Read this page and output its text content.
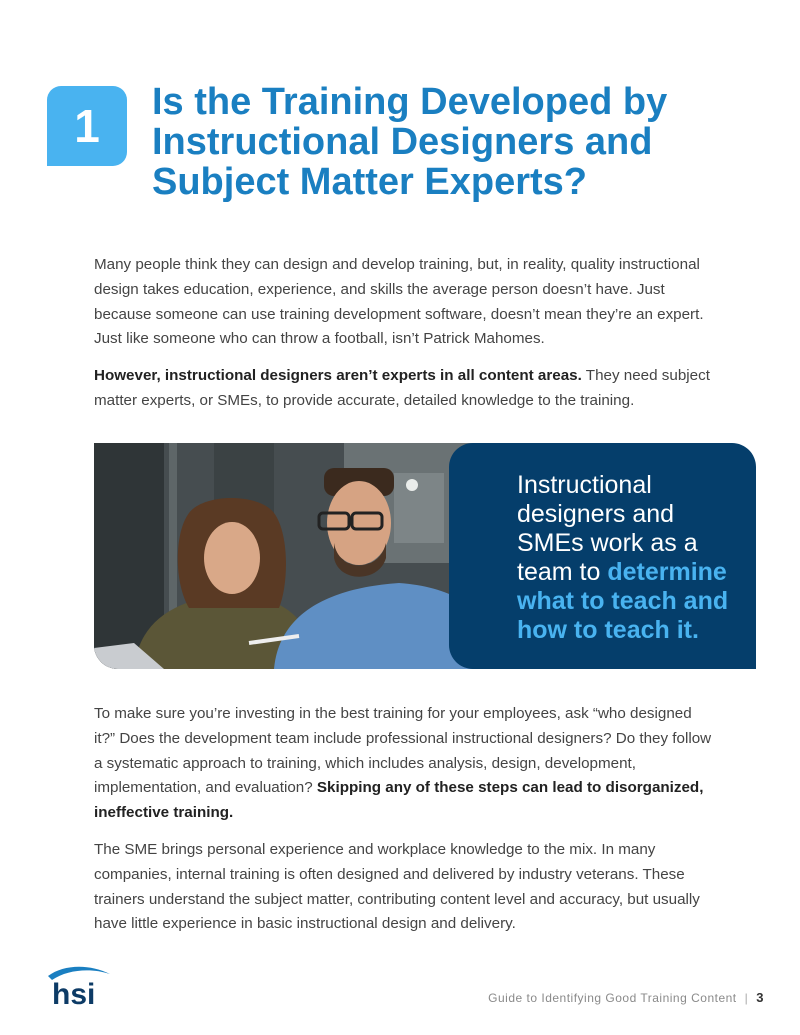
1	Is the Training Developed by Instructional Designers and Subject Matter Experts?

Many people think they can design and develop training, but, in reality, quality instructional design takes education, experience, and skills the average person doesn’t have. Just because someone can use training development software, doesn’t mean they’re an expert. Just like someone who can throw a football, isn’t Patrick Mahomes.

However, instructional designers aren’t experts in all content areas. They need subject matter experts, or SMEs, to provide accurate, detailed knowledge to the training.

Instructional designers and SMEs work as a team to determine what to teach and how to teach it.

To make sure you’re investing in the best training for your employees, ask “who designed it?” Does the development team include professional instructional designers? Do they follow a systematic approach to training, which includes analysis, design, development, implementation, and evaluation? Skipping any of these steps can lead to disorganized, ineffective training.

The SME brings personal experience and workplace knowledge to the mix. In many companies, internal training is often designed and delivered by industry veterans. These trainers understand the subject matter, contributing content level and accuracy, but usually have little experience in basic instructional design and delivery.

hsi	Guide to Identifying Good Training Content | 3
